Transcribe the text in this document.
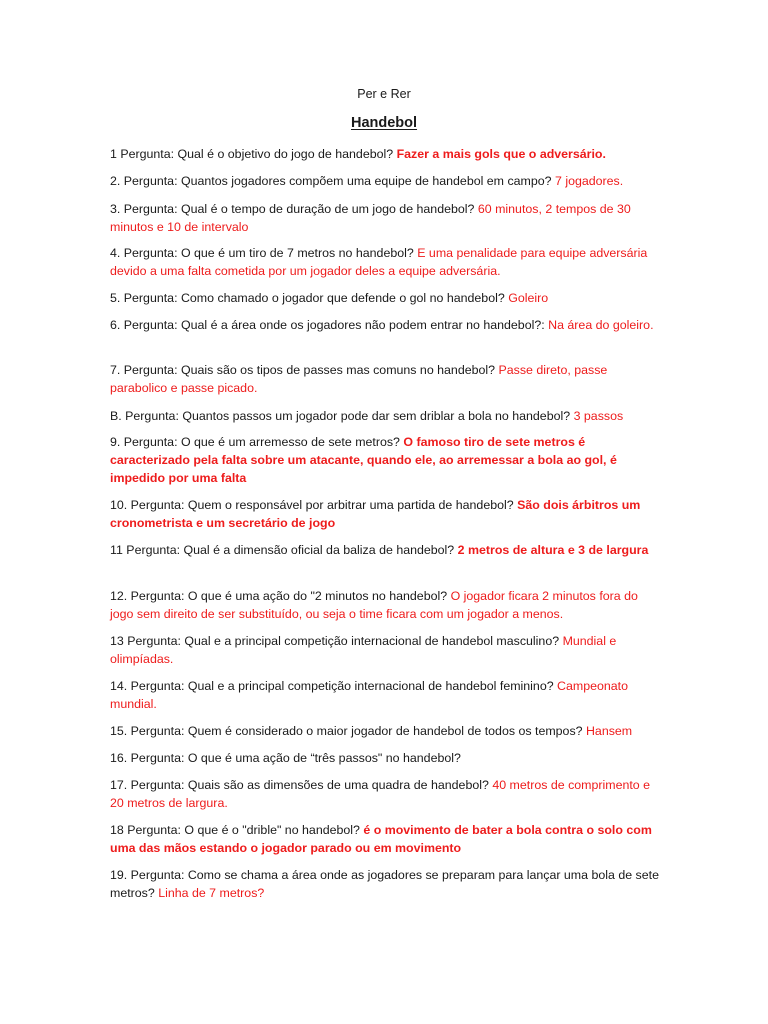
Per e Rer
Handebol

1 Pergunta: Qual é o objetivo do jogo de handebol? Fazer a mais gols que o adversário.

2. Pergunta: Quantos jogadores compõem uma equipe de handebol em campo? 7 jogadores.

3. Pergunta: Qual é o tempo de duração de um jogo de handebol? 60 minutos, 2 tempos de 30 minutos e 10 de intervalo

4. Pergunta: O que é um tiro de 7 metros no handebol? E uma penalidade para equipe adversária devido a uma falta cometida por um jogador deles a equipe adversária.

5. Pergunta: Como chamado o jogador que defende o gol no handebol? Goleiro

6. Pergunta: Qual é a área onde os jogadores não podem entrar no handebol?: Na área do goleiro.

7. Pergunta: Quais são os tipos de passes mas comuns no handebol? Passe direto, passe parabolico e passe picado.

B. Pergunta: Quantos passos um jogador pode dar sem driblar a bola no handebol? 3 passos

9. Pergunta: O que é um arremesso de sete metros? O famoso tiro de sete metros é caracterizado pela falta sobre um atacante, quando ele, ao arremessar a bola ao gol, é impedido por uma falta

10. Pergunta: Quem o responsável por arbitrar uma partida de handebol? São dois árbitros um cronometrista e um secretário de jogo

11 Pergunta: Qual é a dimensão oficial da baliza de handebol? 2 metros de altura e 3 de largura

12. Pergunta: O que é uma ação do "2 minutos no handebol? O jogador ficara 2 minutos fora do jogo sem direito de ser substituído, ou seja o time ficara com um jogador a menos.

13 Pergunta: Qual e a principal competição internacional de handebol masculino? Mundial e olimpíadas.

14. Pergunta: Qual e a principal competição internacional de handebol feminino? Campeonato mundial.

15. Pergunta: Quem é considerado o maior jogador de handebol de todos os tempos? Hansem

16. Pergunta: O que é uma ação de “três passos" no handebol?

17. Pergunta: Quais são as dimensões de uma quadra de handebol? 40 metros de comprimento e 20 metros de largura.

18 Pergunta: O que é o "drible" no handebol? é o movimento de bater a bola contra o solo com uma das mãos estando o jogador parado ou em movimento

19. Pergunta: Como se chama a área onde as jogadores se preparam para lançar uma bola de sete metros? Linha de 7 metros?
